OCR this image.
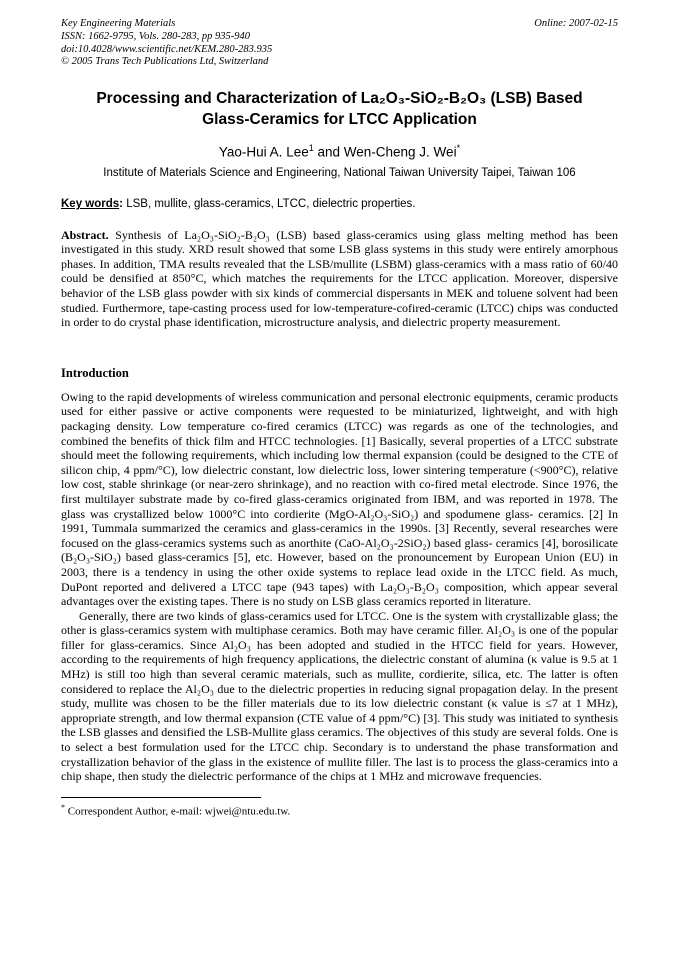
Key Engineering Materials
ISSN: 1662-9795, Vols. 280-283, pp 935-940
doi:10.4028/www.scientific.net/KEM.280-283.935
© 2005 Trans Tech Publications Ltd, Switzerland
Online: 2007-02-15
Processing and Characterization of La₂O₃-SiO₂-B₂O₃ (LSB) Based
Glass-Ceramics for LTCC Application
Yao-Hui A. Lee$^1$ and Wen-Cheng J. Wei*
Institute of Materials Science and Engineering, National Taiwan University Taipei, Taiwan 106
Key words: LSB, mullite, glass-ceramics, LTCC, dielectric properties.

Abstract. Synthesis of La₂O₃-SiO₂-B₂O₃ (LSB) based glass-ceramics using glass melting method has been investigated in this study. XRD result showed that some LSB glass systems in this study were entirely amorphous phases. In addition, TMA results revealed that the LSB/mullite (LSBM) glass-ceramics with a mass ratio of 60/40 could be densified at 850°C, which matches the requirements for the LTCC application. Moreover, dispersive behavior of the LSB glass powder with six kinds of commercial dispersants in MEK and toluene solvent had been studied. Furthermore, tape-casting process used for low-temperature-cofired-ceramic (LTCC) chips was conducted in order to do crystal phase identification, microstructure analysis, and dielectric property measurement.

Introduction

Owing to the rapid developments of wireless communication and personal electronic equipments, ceramic products used for either passive or active components were requested to be miniaturized, lightweight, and with high packaging density. Low temperature co-fired ceramics (LTCC) was regards as one of the technologies, and combined the benefits of thick film and HTCC technologies. [1] Basically, several properties of a LTCC substrate should meet the following requirements, which including low thermal expansion (could be designed to the CTE of silicon chip, 4 ppm/°C), low dielectric constant, low dielectric loss, lower sintering temperature (<900°C), relative low cost, stable shrinkage (or near-zero shrinkage), and no reaction with co-fired metal electrode. Since 1976, the first multilayer substrate made by co-fired glass-ceramics originated from IBM, and was reported in 1978. The glass was crystallized below 1000°C into cordierite (MgO-Al₂O₃-SiO₂) and spodumene glass- ceramics. [2] In 1991, Tummala summarized the ceramics and glass-ceramics in the 1990s. [3] Recently, several researches were focused on the glass-ceramics systems such as anorthite (CaO-Al₂O₃-2SiO₂) based glass- ceramics [4], borosilicate (B₂O₃-SiO₂) based glass-ceramics [5], etc. However, based on the pronouncement by European Union (EU) in 2003, there is a tendency in using the other oxide systems to replace lead oxide in the LTCC field. As much, DuPont reported and delivered a LTCC tape (943 tapes) with La₂O₃-B₂O₃ composition, which appear several advantages over the existing tapes. There is no study on LSB glass ceramics reported in literature.

Generally, there are two kinds of glass-ceramics used for LTCC. One is the system with crystallizable glass; the other is glass-ceramics system with multiphase ceramics. Both may have ceramic filler. Al₂O₃ is one of the popular filler for glass-ceramics. Since Al₂O₃ has been adopted and studied in the HTCC field for years. However, according to the requirements of high frequency applications, the dielectric constant of alumina (κ value is 9.5 at 1 MHz) is still too high than several ceramic materials, such as mullite, cordierite, silica, etc. The latter is often considered to replace the Al₂O₃ due to the dielectric properties in reducing signal propagation delay. In the present study, mullite was chosen to be the filler materials due to its low dielectric constant (κ value is ≤7 at 1 MHz), appropriate strength, and low thermal expansion (CTE value of 4 ppm/°C) [3]. This study was initiated to synthesis the LSB glasses and densified the LSB-Mullite glass ceramics. The objectives of this study are several folds. One is to select a best formulation used for the LTCC chip. Secondary is to understand the phase transformation and crystallization behavior of the glass in the existence of mullite filler. The last is to process the glass-ceramics into a chip shape, then study the dielectric performance of the chips at 1 MHz and microwave frequencies.

* Correspondent Author, e-mail: wjwei@ntu.edu.tw.
